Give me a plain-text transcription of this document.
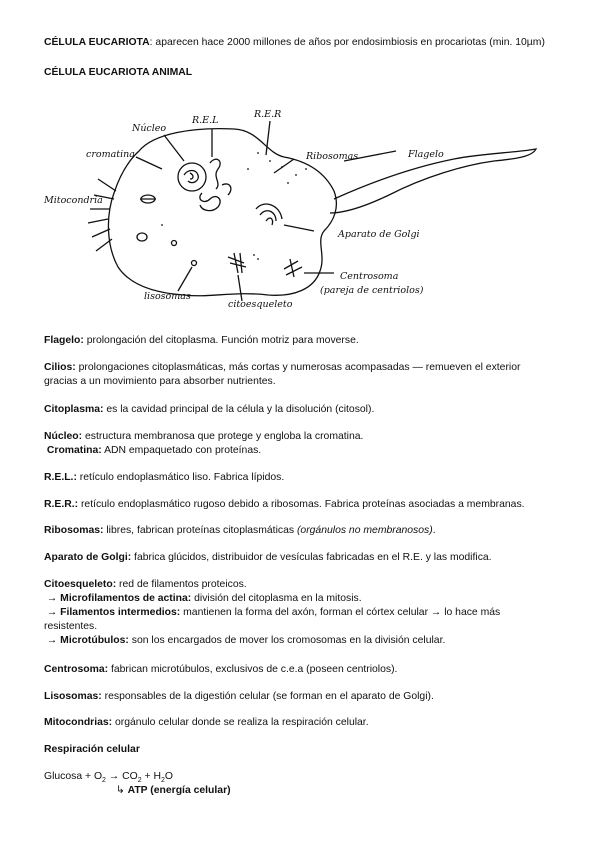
CÉLULA EUCARIOTA: aparecen hace 2000 millones de años por endosimbiosis en procariotas (min. 10µm)

CÉLULA EUCARIOTA ANIMAL

Núcleo
R.E.L
R.E.R
cromatina	Ribosomas	Flagelo
Mitocondria
Aparato de Golgi
Centrosoma
(pareja de centriolos)
lisosomas
citoesqueleto

Flagelo: prolongación del citoplasma. Función motriz para moverse.

Cilios: prolongaciones citoplasmáticas, más cortas y numerosas acompasadas — remueven el exterior
gracias a un movimiento para absorber nutrientes.

Citoplasma: es la cavidad principal de la célula y la disolución (citosol).

Núcleo: estructura membranosa que protege y engloba la cromatina.
Cromatina: ADN empaquetado con proteínas.

R.E.L.: retículo endoplasmático liso. Fabrica lípidos.

R.E.R.: retículo endoplasmático rugoso debido a ribosomas. Fabrica proteínas asociadas a membranas.

Ribosomas: libres, fabrican proteínas citoplasmáticas (orgánulos no membranosos).

Aparato de Golgi: fabrica glúcidos, distribuidor de vesículas fabricadas en el R.E. y las modifica.

Citoesqueleto: red de filamentos proteicos.
→ Microfilamentos de actina: división del citoplasma en la mitosis.
→ Filamentos intermedios: mantienen la forma del axón, forman el córtex celular → lo hace más
resistentes.
→ Microtúbulos: son los encargados de mover los cromosomas en la división celular.

Centrosoma: fabrican microtúbulos, exclusivos de c.e.a (poseen centriolos).

Lisosomas: responsables de la digestión celular (se forman en el aparato de Golgi).

Mitocondrias: orgánulo celular donde se realiza la respiración celular.

Respiración celular

$Glucosa + O_2 \to CO_2 + H_2O$

↳ ATP (energía celular)
